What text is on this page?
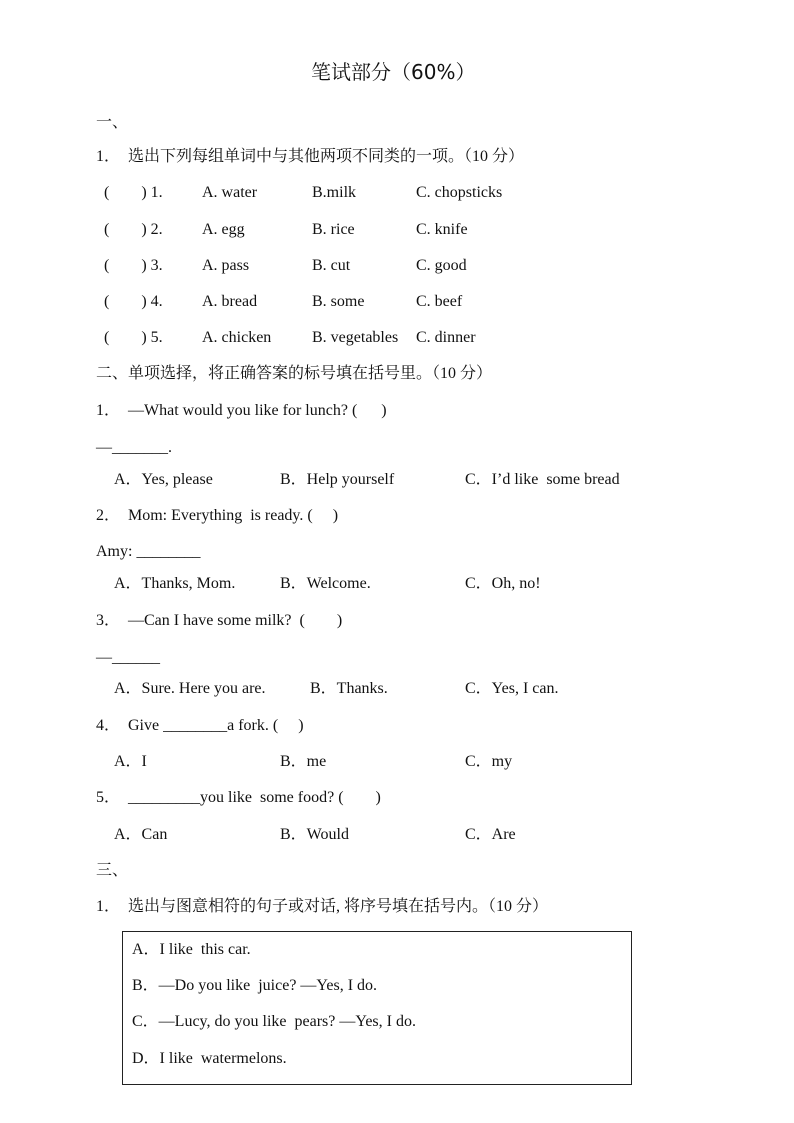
笔试部分（60%）
一、
1．  选出下列每组单词中与其他两项不同类的一项。（10 分）
(        ) 1. A. water	B.milk	C. chopsticks
(        ) 2. A. egg	B. rice	C. knife
(        ) 3. A. pass	B. cut	C. good
(        ) 4. A. bread	B. some	C. beef
(        ) 5. A. chicken	B. vegetables C. dinner
二、单项选择，将正确答案的标号填在括号里。（10 分）
1．  —What would you like for lunch? (      )
—_______.
A．Yes, please	B．Help yourself	C．I’d like  some bread
2．  Mom: Everything  is ready. (     )
Amy: ________
A．Thanks, Mom.	B．Welcome.	C．Oh, no!
3．  —Can I have some milk?  (        )
—______
A．Sure. Here you are.	B．Thanks.	C．Yes, I can.
4．  Give ________a fork. (     )
A．I	B．me	C．my
5．  _________you like  some food? (        )
A．Can	B．Would	C．Are
三、
1．  选出与图意相符的句子或对话, 将序号填在括号内。（10 分）
A．I like  this car.
B．—Do you like  juice? —Yes, I do.
C．—Lucy, do you like  pears? —Yes, I do.
D．I like  watermelons.
